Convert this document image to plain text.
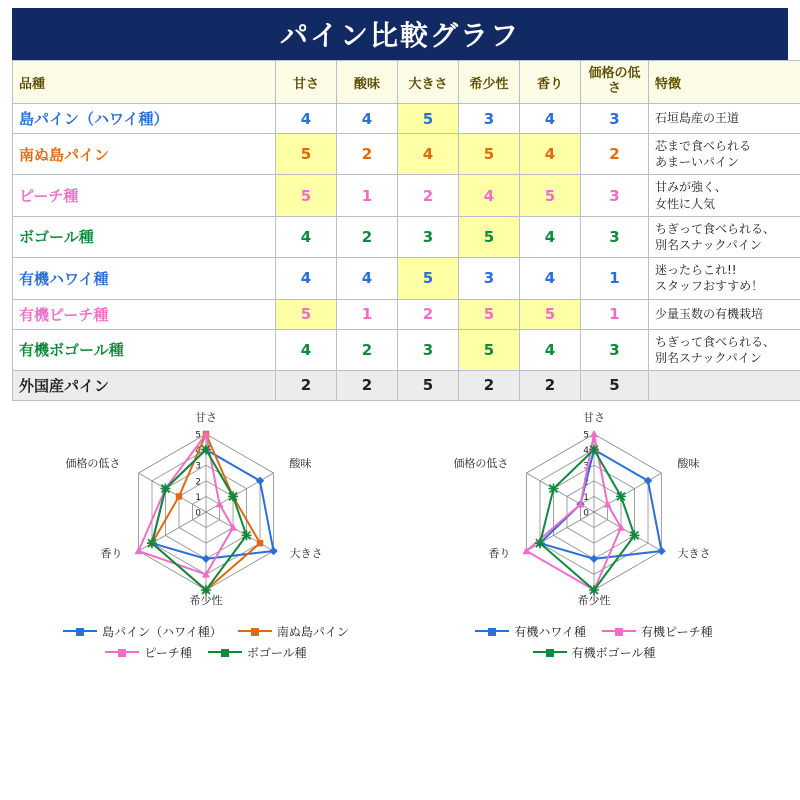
パイン比較グラフ
品種	甘さ	酸味	大きさ	希少性	香り	価格の低さ	特徴
島パイン（ハワイ種）	4	4	5	3	4	3	石垣島産の王道
南ぬ島パイン	5	2	4	5	4	2	芯まで食べられる
あまーいパイン
ピーチ種	5	1	2	4	5	3	甘みが強く、
女性に人気
ボゴール種	4	2	3	5	4	3	ちぎって食べられる、
別名スナックパイン
有機ハワイ種	4	4	5	3	4	1	迷ったらこれ!!
スタッフおすすめ！
有機ピーチ種	5	1	2	5	5	1	少量玉数の有機栽培
有機ボゴール種	4	2	3	5	4	3	ちぎって食べられる、
別名スナックパイン
外国産パイン	2	2	5	2	2	5	
0
1
2
3
4
5
甘さ
酸味
大きさ
希少性
香り
価格の低さ
島パイン（ハワイ種）	南ぬ島パイン
ピーチ種	ボゴール種
0
1
2
3
4
5
甘さ
酸味
大きさ
希少性
香り
価格の低さ
有機ハワイ種	有機ピーチ種
有機ボゴール種
